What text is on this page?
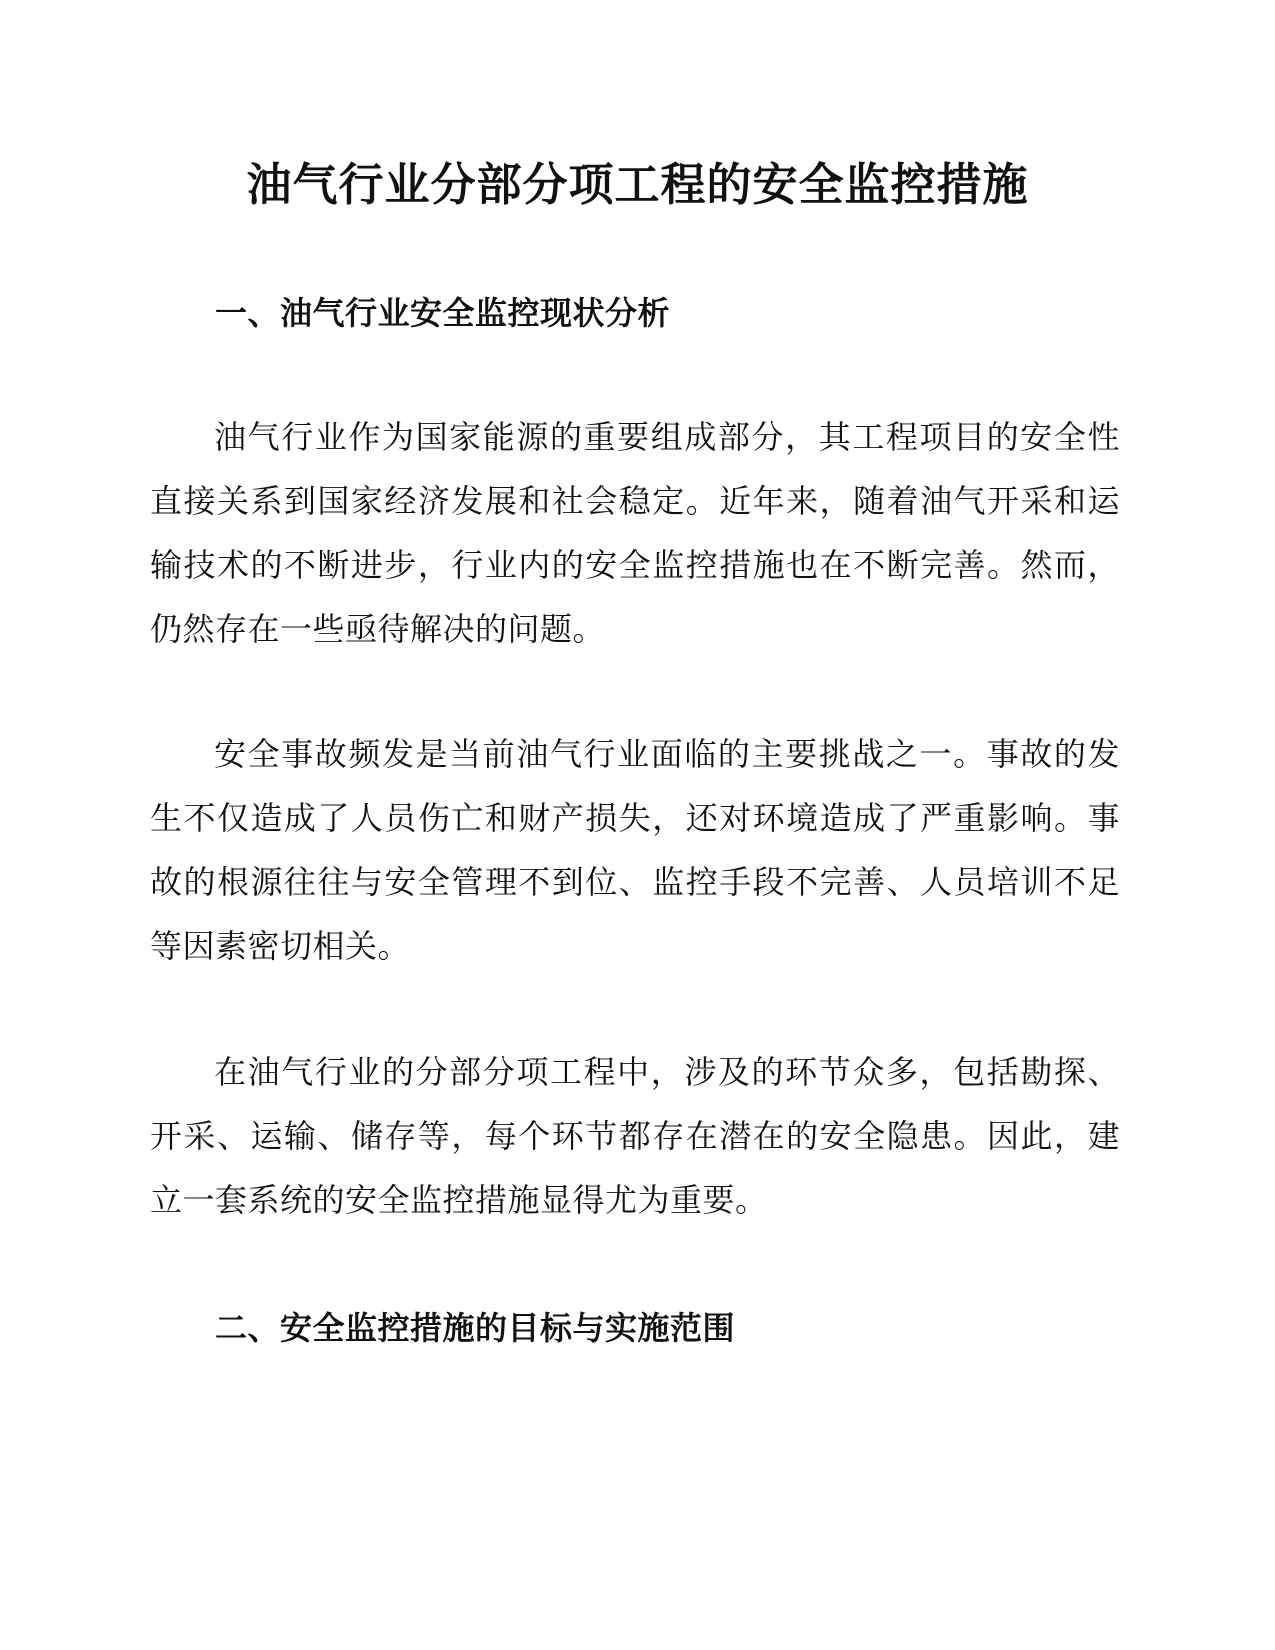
油气行业分部分项工程的安全监控措施
一、油气行业安全监控现状分析

油气行业作为国家能源的重要组成部分，其工程项目的安全性直接关系到国家经济发展和社会稳定。近年来，随着油气开采和运输技术的不断进步，行业内的安全监控措施也在不断完善。然而，仍然存在一些亟待解决的问题。

安全事故频发是当前油气行业面临的主要挑战之一。事故的发生不仅造成了人员伤亡和财产损失，还对环境造成了严重影响。事故的根源往往与安全管理不到位、监控手段不完善、人员培训不足等因素密切相关。

在油气行业的分部分项工程中，涉及的环节众多，包括勘探、开采、运输、储存等，每个环节都存在潜在的安全隐患。因此，建立一套系统的安全监控措施显得尤为重要。

二、安全监控措施的目标与实施范围
